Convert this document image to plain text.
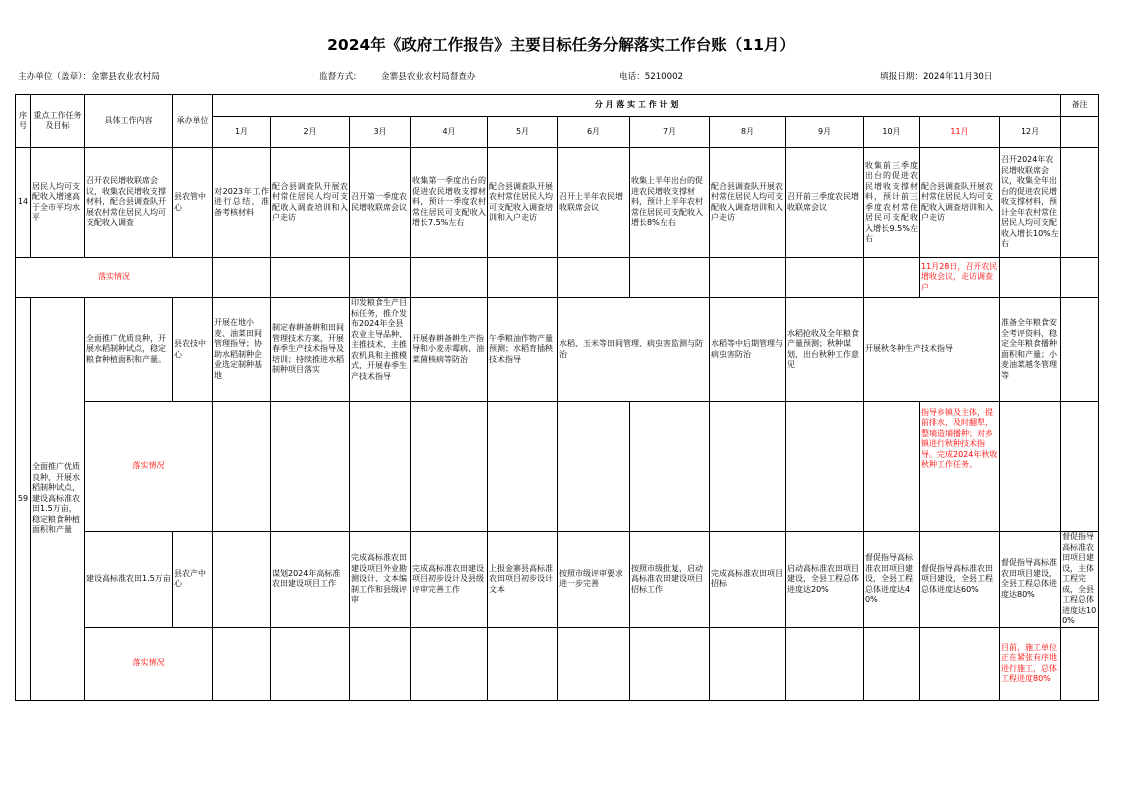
2024年《政府工作报告》主要目标任务分解落实工作台账（11月）
主办单位（盖章）：金寨县农业农村局	监督方式:	金寨县农业农村局督查办	电话：5210002	填报日期：2024年11月30日
序号	重点工作任务及目标	具体工作内容	承办单位	分 月 落 实 工 作 计 划												备注	
				1月	2月	3月	4月	5月	6月	7月	8月	9月	10月	11月	12月		
14	居民人均可支配收入增速高于全市平均水平	召开农民增收联席会议，收集农民增收支撑材料，配合县调查队开展农村常住居民人均可支配收入调查	县农管中心	对2023年工作进行总结，准备考核材料	配合县调查队开展农村常住居民人均可支配收入调查培训和入户走访	召开第一季度农民增收联席会议	收集第一季度出台的促进农民增收支撑材料，预计一季度农村常住居民可支配收入增长7.5%左右	配合县调查队开展农村常住居民人均可支配收入调查培训和入户走访	召开上半年农民增收联席会议	收集上半年出台的促进农民增收支撑材料，预计上半年农村常住居民可支配收入增长8%左右	配合县调查队开展农村常住居民人均可支配收入调查培训和入户走访	召开前三季度农民增收联席会议	收集前三季度出台的促进农民增收支撑材料，预计前三季度农村常住居民可支配收入增长9.5%左右	配合县调查队开展农村常住居民人均可支配收入调查培训和入户走访	召开2024年农民增收联席会议，收集全年出台的促进农民增收支撑材料，预计全年农村常住居民人均可支配收入增长10%左右		
落实情况														11月28日，召开农民增收会议，走访调查户			
59	全面推广优质良种，开展水稻制种试点，建设高标准农田1.5万亩，稳定粮食种植面积和产量	全面推广优质良种，开展水稻制种试点，稳定粮食种植面积和产量。	县农技中心	开展在地小麦、油菜田间管理指导；协助水稻制种企业选定制种基地	制定春耕备耕和田间管理技术方案，开展春季生产技术指导及培训；持续推进水稻制种项目落实	印发粮食生产目标任务，推介发布2024年全县农业主导品种、主推技术、主推农机具和主推模式，开展春季生产技术指导	开展春耕备耕生产指导和小麦赤霉病、油菜菌核病等防治	午季粮油作物产量预测；水稻育插秧技术指导	水稻、玉米等田间管理、病虫害监测与防治		水稻等中后期管理与病虫害防治	水稻抢收及全年粮食产量预测；秋种谋划，出台秋种工作意见	开展秋冬种生产技术指导		准备全年粮食安全考评资料，稳定全年粮食播种面积和产量；小麦油菜越冬管理等		
		落实情况												指导乡镇及主体，提前排水，及时翻犁，整墒造墒播种；对乡镇进行秋种技术指导。完成2024年秋收秋种工作任务。			

		建设高标准农田1.5万亩	县农产中心		谋划2024年高标准农田建设项目工作	完成高标准农田建设项目外业勘测设计、文本编制工作和县级评审	完成高标准农田建设项目初步设计及县级评审完善工作	上报金寨县高标准农田项目初步设计文本	按照市级评审要求进一步完善	按照市级批复，启动高标准农田建设项目招标工作	完成高标准农田项目招标	启动高标准农田项目建设，全县工程总体进度达20%	督促指导高标准农田项目建设，全县工程总体进度达40%	督促指导高标准农田项目建设，全县工程总体进度达60%	督促指导高标准农田项目建设，全县工程总体进度达80%	督促指导高标准农田项目建设，主体工程完成，全县工程总体进度达100%	
		落实情况													目前，施工单位正在紧张有序地进行施工，总体工程进度80%		
